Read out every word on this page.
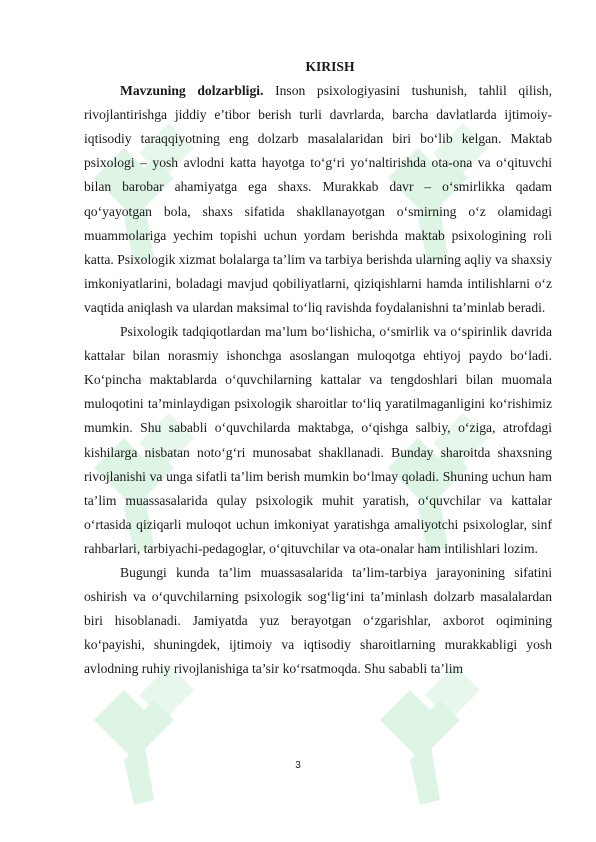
KIRISH

Mavzuning dolzarbligi. Inson psixologiyasini tushunish, tahlil qilish, rivojlantirishga jiddiy e’tibor berish turli davrlarda, barcha davlatlarda ijtimoiy-iqtisodiy taraqqiyotning eng dolzarb masalalaridan biri bo‘lib kelgan. Maktab psixologi – yosh avlodni katta hayotga to‘g‘ri yo‘naltirishda ota-ona va o‘qituvchi bilan barobar ahamiyatga ega shaxs. Murakkab davr – o‘smirlikka qadam qo‘yayotgan bola, shaxs sifatida shakllanayotgan o‘smirning o‘z olamidagi muammolariga yechim topishi uchun yordam berishda maktab psixologining roli katta. Psixologik xizmat bolalarga ta’lim va tarbiya berishda ularning aqliy va shaxsiy imkoniyatlarini, boladagi mavjud qobiliyatlarni, qiziqishlarni hamda intilishlarni o‘z vaqtida aniqlash va ulardan maksimal to‘liq ravishda foydalanishni ta’minlab beradi.

Psixologik tadqiqotlardan ma’lum bo‘lishicha, o‘smirlik va o‘spirinlik davrida kattalar bilan norasmiy ishonchga asoslangan muloqotga ehtiyoj paydo bo‘ladi. Ko‘pincha maktablarda o‘quvchilarning kattalar va tengdoshlari bilan muomala muloqotini ta’minlaydigan psixologik sharoitlar to‘liq yaratilmaganligini ko‘rishimiz mumkin. Shu sababli o‘quvchilarda maktabga, o‘qishga salbiy, o‘ziga, atrofdagi kishilarga nisbatan noto‘g‘ri munosabat shakllanadi. Bunday sharoitda shaxsning rivojlanishi va unga sifatli ta’lim berish mumkin bo‘lmay qoladi. Shuning uchun ham ta’lim muassasalarida qulay psixologik muhit yaratish, o‘quvchilar va kattalar o‘rtasida qiziqarli muloqot uchun imkoniyat yaratishga amaliyotchi psixologlar, sinf rahbarlari, tarbiyachi-pedagoglar, o‘qituvchilar va ota-onalar ham intilishlari lozim.

Bugungi kunda ta’lim muassasalarida ta’lim-tarbiya jarayonining sifatini oshirish va o‘quvchilarning psixologik sog‘lig‘ini ta’minlash dolzarb masalalardan biri hisoblanadi. Jamiyatda yuz berayotgan o‘zgarishlar, axborot oqimining ko‘payishi, shuningdek, ijtimoiy va iqtisodiy sharoitlarning murakkabligi yosh avlodning ruhiy rivojlanishiga ta’sir ko‘rsatmoqda. Shu sababli ta’lim

3
